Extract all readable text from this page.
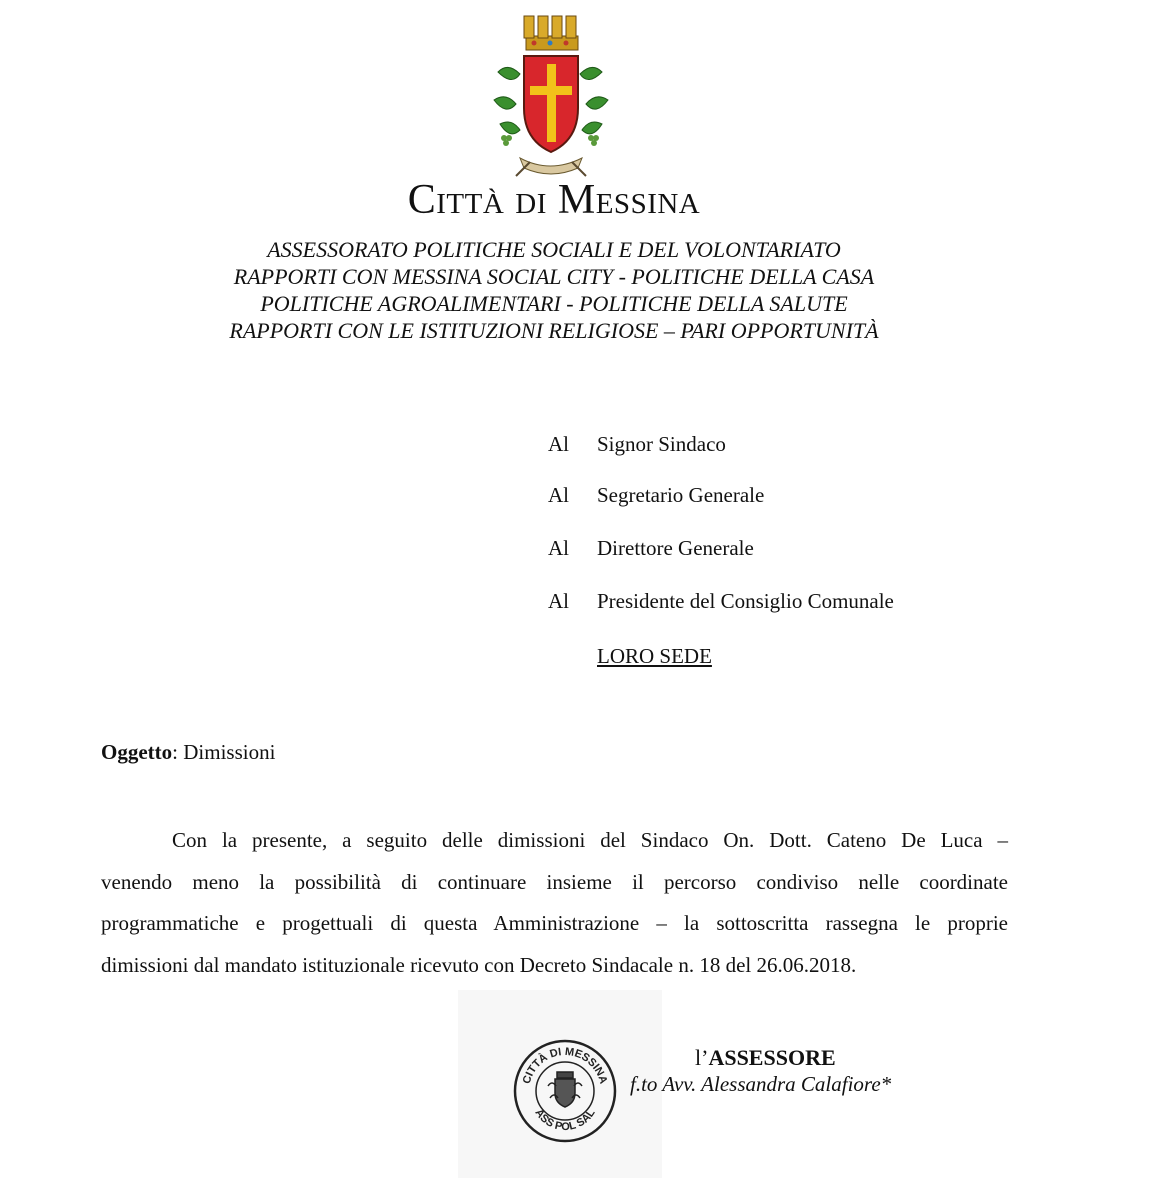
Città di Messina
ASSESSORATO POLITICHE SOCIALI E DEL VOLONTARIATO
RAPPORTI CON MESSINA SOCIAL CITY - POLITICHE DELLA CASA
POLITICHE AGROALIMENTARI - POLITICHE DELLA SALUTE
RAPPORTI CON LE ISTITUZIONI RELIGIOSE – PARI OPPORTUNITÀ
Al	Signor Sindaco
Al	Segretario Generale
Al	Direttore Generale
Al	Presidente del Consiglio Comunale
LORO SEDE
Oggetto: Dimissioni
Con la presente, a seguito delle dimissioni del Sindaco On. Dott. Cateno De Luca –
venendo meno la possibilità di continuare insieme il percorso condiviso nelle coordinate
programmatiche e progettuali di questa Amministrazione – la sottoscritta rassegna le proprie
dimissioni dal mandato istituzionale ricevuto con Decreto Sindacale n. 18 del 26.06.2018.
CITTÀ DI MESSINA
ASS POL SAL
l’ASSESSORE
f.to Avv. Alessandra Calafiore*
